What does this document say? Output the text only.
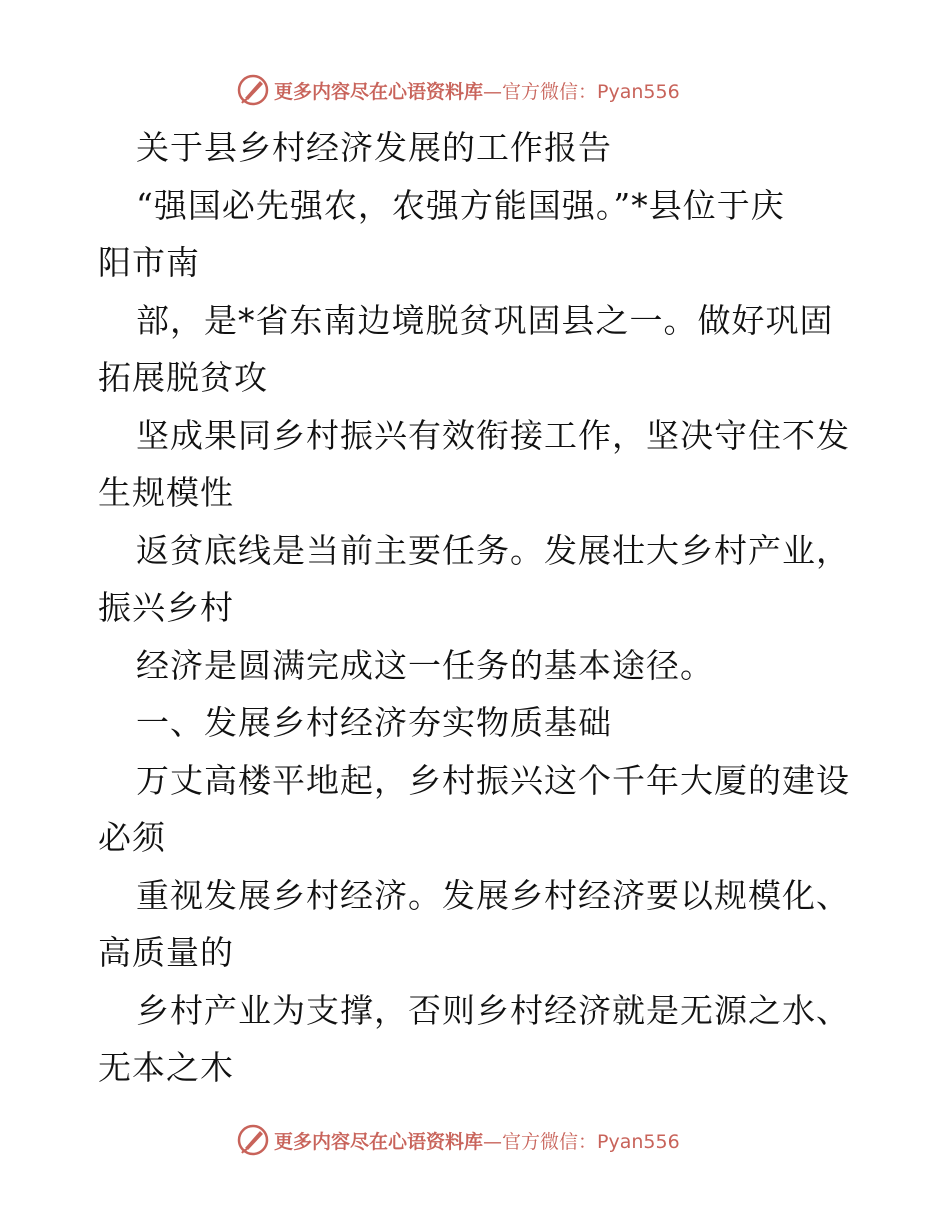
更多内容尽在心语资料库—官方微信：Pyan556
关于县乡村经济发展的工作报告
“强国必先强农，农强方能国强。”*县位于庆
阳市南
部，是*省东南边境脱贫巩固县之一。做好巩固
拓展脱贫攻
坚成果同乡村振兴有效衔接工作，坚决守住不发
生规模性
返贫底线是当前主要任务。发展壮大乡村产业，
振兴乡村
经济是圆满完成这一任务的基本途径。
一、发展乡村经济夯实物质基础
万丈高楼平地起，乡村振兴这个千年大厦的建设
必须
重视发展乡村经济。发展乡村经济要以规模化、
高质量的
乡村产业为支撑，否则乡村经济就是无源之水、
无本之木
更多内容尽在心语资料库—官方微信：Pyan556
